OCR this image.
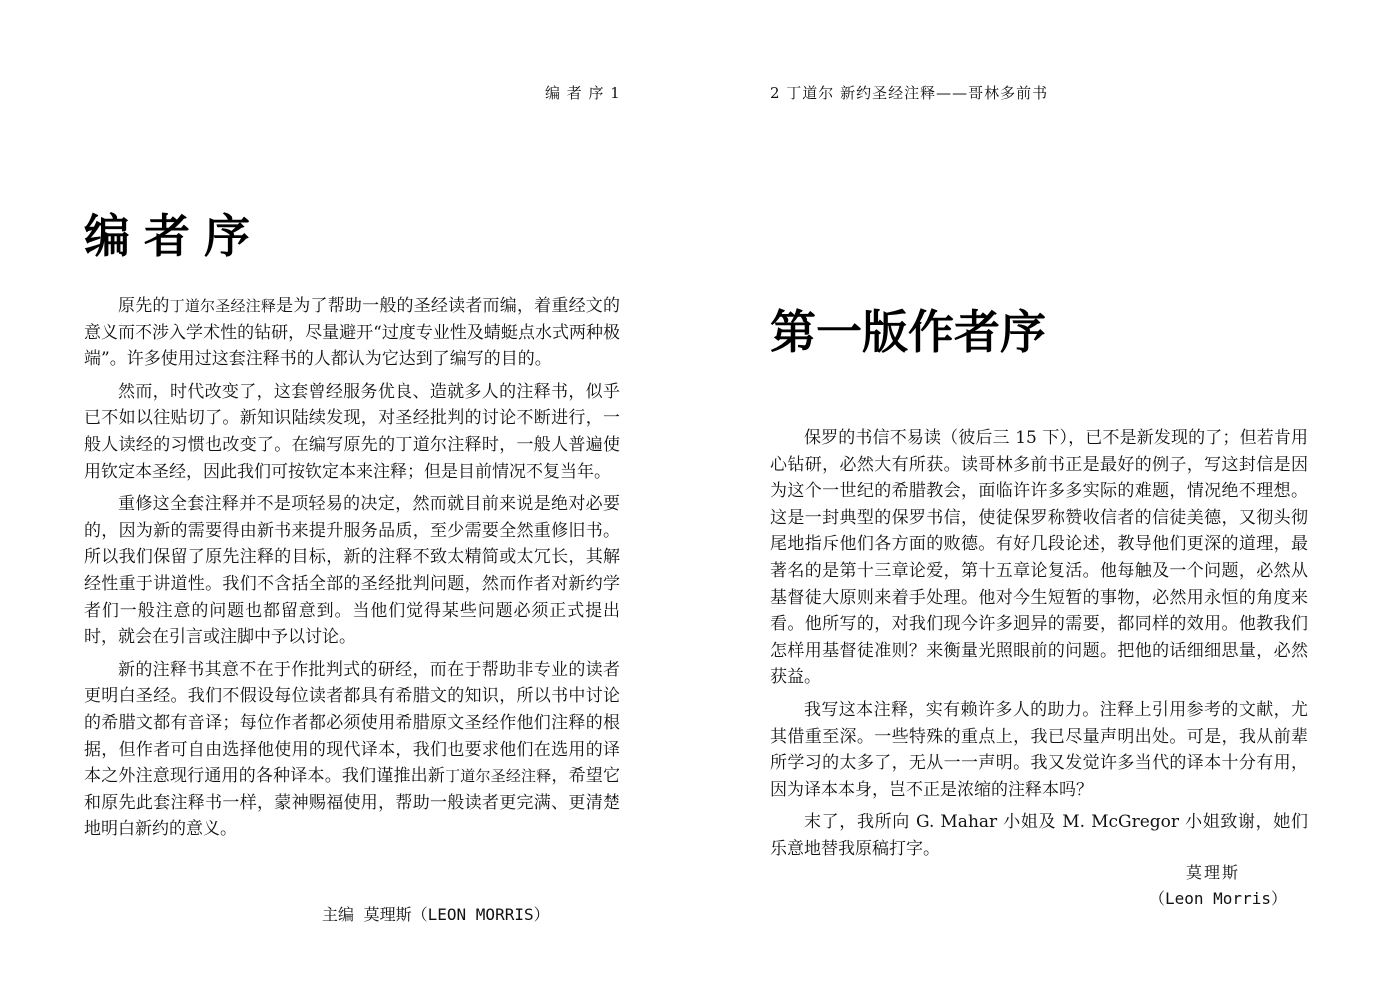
编 者 序 1
编者序

原先的丁道尔圣经注释是为了帮助一般的圣经读者而编，着重经文的意义而不涉入学术性的钻研，尽量避开“过度专业性及蜻蜓点水式两种极端”。许多使用过这套注释书的人都认为它达到了编写的目的。

然而，时代改变了，这套曾经服务优良、造就多人的注释书，似乎已不如以往贴切了。新知识陆续发现，对圣经批判的讨论不断进行，一般人读经的习惯也改变了。在编写原先的丁道尔注释时，一般人普遍使用钦定本圣经，因此我们可按钦定本来注释；但是目前情况不复当年。

重修这全套注释并不是项轻易的决定，然而就目前来说是绝对必要的，因为新的需要得由新书来提升服务品质，至少需要全然重修旧书。所以我们保留了原先注释的目标，新的注释不致太精简或太冗长，其解经性重于讲道性。我们不含括全部的圣经批判问题，然而作者对新约学者们一般注意的问题也都留意到。当他们觉得某些问题必须正式提出时，就会在引言或注脚中予以讨论。

新的注释书其意不在于作批判式的研经，而在于帮助非专业的读者更明白圣经。我们不假设每位读者都具有希腊文的知识，所以书中讨论的希腊文都有音译；每位作者都必须使用希腊原文圣经作他们注释的根据，但作者可自由选择他使用的现代译本，我们也要求他们在选用的译本之外注意现行通用的各种译本。我们谨推出新丁道尔圣经注释，希望它和原先此套注释书一样，蒙神赐福使用，帮助一般读者更完满、更清楚地明白新约的意义。

主编 莫理斯（LEON MORRIS）
2 丁道尔 新约圣经注释——哥林多前书
第一版作者序

保罗的书信不易读（彼后三 15 下），已不是新发现的了；但若肯用心钻研，必然大有所获。读哥林多前书正是最好的例子，写这封信是因为这个一世纪的希腊教会，面临许许多多实际的难题，情况绝不理想。这是一封典型的保罗书信，使徒保罗称赞收信者的信徒美德，又彻头彻尾地指斥他们各方面的败德。有好几段论述，教导他们更深的道理，最著名的是第十三章论爱，第十五章论复活。他每触及一个问题，必然从基督徒大原则来着手处理。他对今生短暂的事物，必然用永恒的角度来看。他所写的，对我们现今许多迥异的需要，都同样的效用。他教我们怎样用基督徒准则？来衡量光照眼前的问题。把他的话细细思量，必然获益。

我写这本注释，实有赖许多人的助力。注释上引用参考的文献，尤其借重至深。一些特殊的重点上，我已尽量声明出处。可是，我从前辈所学习的太多了，无从一一声明。我又发觉许多当代的译本十分有用，因为译本本身，岂不正是浓缩的注释本吗？

末了，我所向 G. Mahar 小姐及 M. McGregor 小姐致谢，她们乐意地替我原稿打字。

莫理斯
（Leon Morris）
